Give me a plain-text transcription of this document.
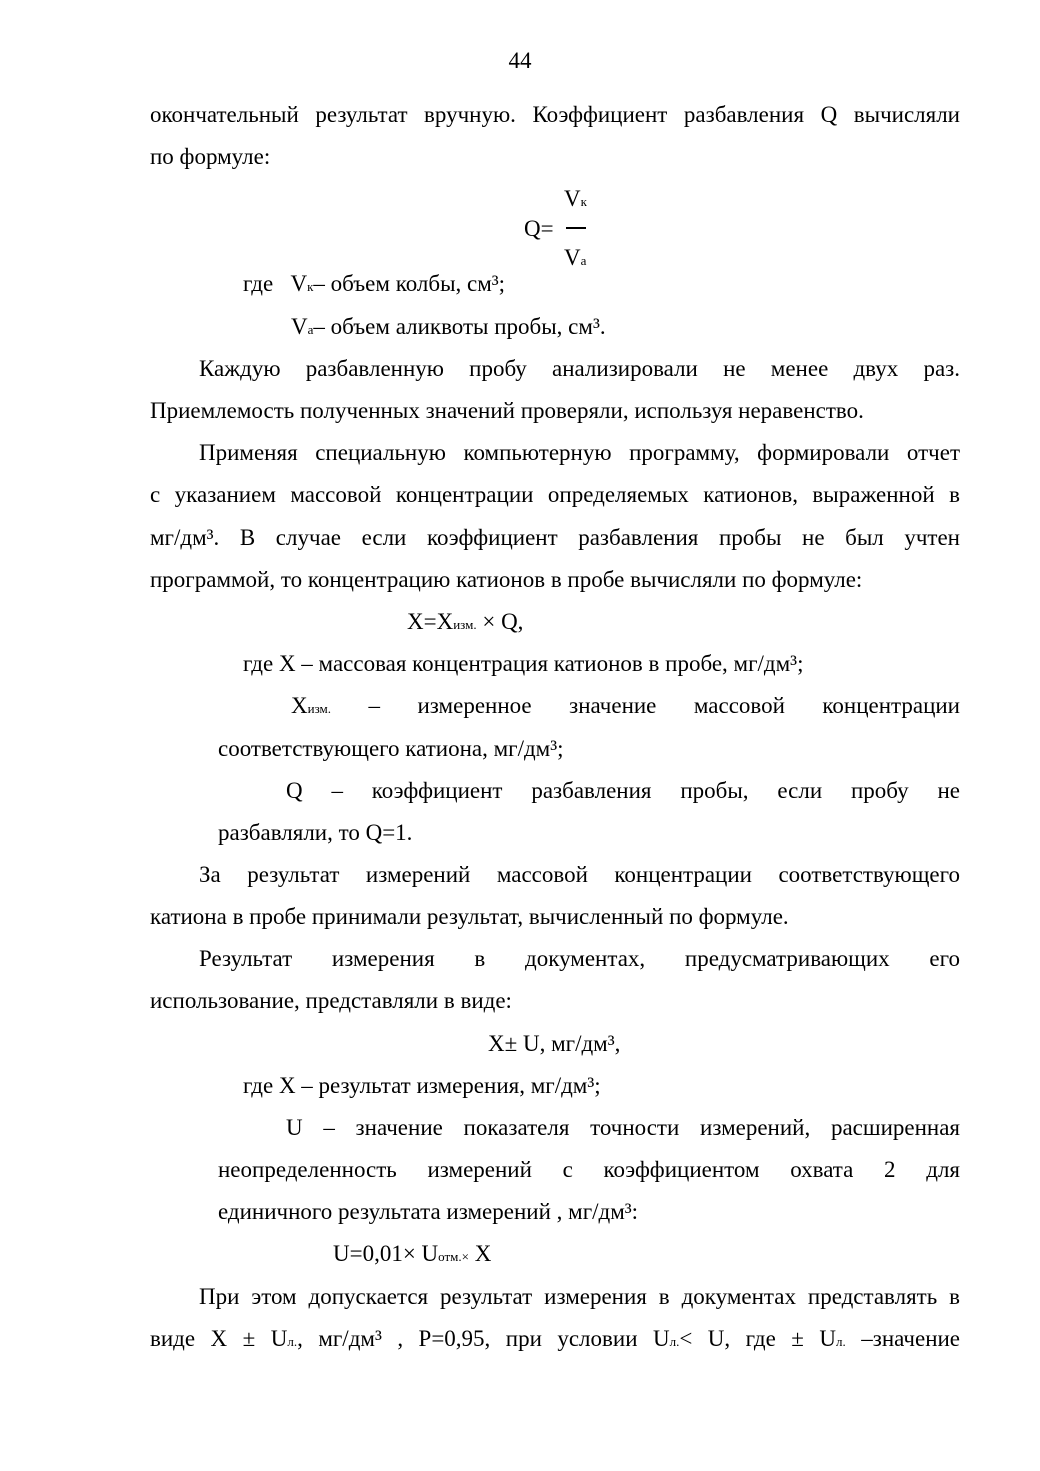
44
окончательный результат вручную. Коэффициент разбавления Q вычисляли
по формуле:
Vк
Q=
Vа
где Vк– объем колбы, см³;
Vа– объем аликвоты пробы, см³.
Каждую разбавленную пробу анализировали не менее двух раз.
Приемлемость полученных значений проверяли, используя неравенство.
Применяя специальную компьютерную программу, формировали отчет
с указанием массовой концентрации определяемых катионов, выраженной в
мг/дм³. В случае если коэффициент разбавления пробы не был учтен
программой, то концентрацию катионов в пробе вычисляли по формуле:
X=Xизм. × Q,
где X – массовая концентрация катионов в пробе, мг/дм³;
Xизм. – измеренное значение массовой концентрации
соответствующего катиона, мг/дм³;
Q – коэффициент разбавления пробы, если пробу не
разбавляли, то Q=1.
За результат измерений массовой концентрации соответствующего
катиона в пробе принимали результат, вычисленный по формуле.
Результат измерения в документах, предусматривающих его
использование, представляли в виде:
X± U, мг/дм³,
где X – результат измерения, мг/дм³;
U – значение показателя точности измерений, расширенная
неопределенность измерений с коэффициентом охвата 2 для
единичного результата измерений , мг/дм³:
U=0,01× Uотм.× X
При этом допускается результат измерения в документах представлять в
виде X ± Uл., мг/дм³ , Р=0,95, при условии Uл.< U, где ± Uл. –значение
